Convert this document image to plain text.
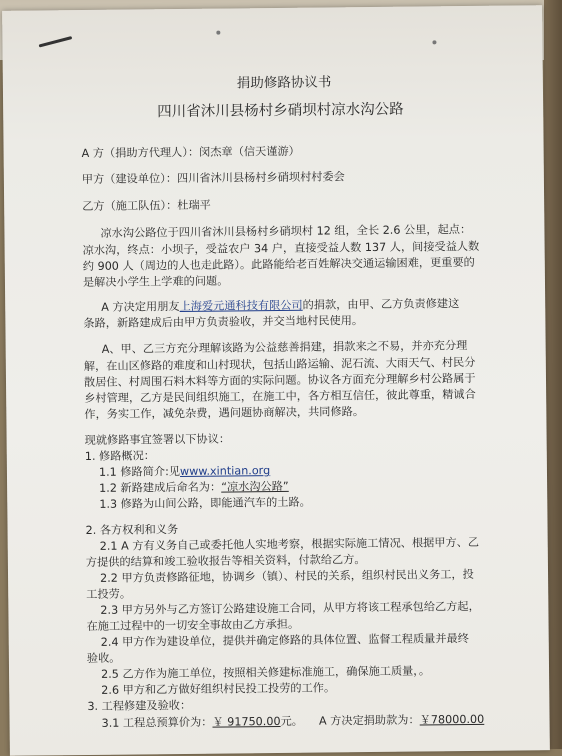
捐助修路协议书
四川省沐川县杨村乡硝坝村凉水沟公路
A 方（捐助方代理人）：闵杰章（信天谨游）
甲方（建设单位）：四川省沐川县杨村乡硝坝村村委会
乙方（施工队伍）：杜瑞平
凉水沟公路位于四川省沐川县杨村乡硝坝村 12 组，全长 2.6 公里，起点：
凉水沟，终点：小坝子，受益农户 34 户，直接受益人数 137 人，间接受益人数
约 900 人（周边的人也走此路）。此路能给老百姓解决交通运输困难，更重要的
是解决小学生上学难的问题。
A 方决定用朋友上海爱元通科技有限公司的捐款，由甲、乙方负责修建这
条路，新路建成后由甲方负责验收，并交当地村民使用。
A、甲、乙三方充分理解该路为公益慈善捐建，捐款来之不易，并亦充分理
解，在山区修路的难度和山村现状，包括山路运输、泥石流、大雨天气、村民分
散居住、村周围石料木料等方面的实际问题。协议各方面充分理解乡村公路属于
乡村管理，乙方是民间组织施工，在施工中，各方相互信任，彼此尊重，精诚合
作，务实工作，减免杂费，遇问题协商解决，共同修路。
现就修路事宜签署以下协议：
1. 修路概况：
1.1 修路简介:见www.xintian.org
1.2 新路建成后命名为：“凉水沟公路”
1.3 修路为山间公路，即能通汽车的土路。
2. 各方权利和义务
2.1 A 方有义务自己或委托他人实地考察，根据实际施工情况、根据甲方、乙
方提供的结算和竣工验收报告等相关资料，付款给乙方。
2.2 甲方负责修路征地，协调乡（镇）、村民的关系，组织村民出义务工，投
工投劳。
2.3 甲方另外与乙方签订公路建设施工合同，从甲方将该工程承包给乙方起，
在施工过程中的一切安全事故由乙方承担。
2.4 甲方作为建设单位，提供并确定修路的具体位置、监督工程质量并最终
验收。
2.5 乙方作为施工单位，按照相关修建标准施工，确保施工质量，。
2.6 甲方和乙方做好组织村民投工投劳的工作。
3. 工程修建及验收：
3.1 工程总预算价为：￥ 91750.00元。 A 方决定捐助款为：￥78000.00
